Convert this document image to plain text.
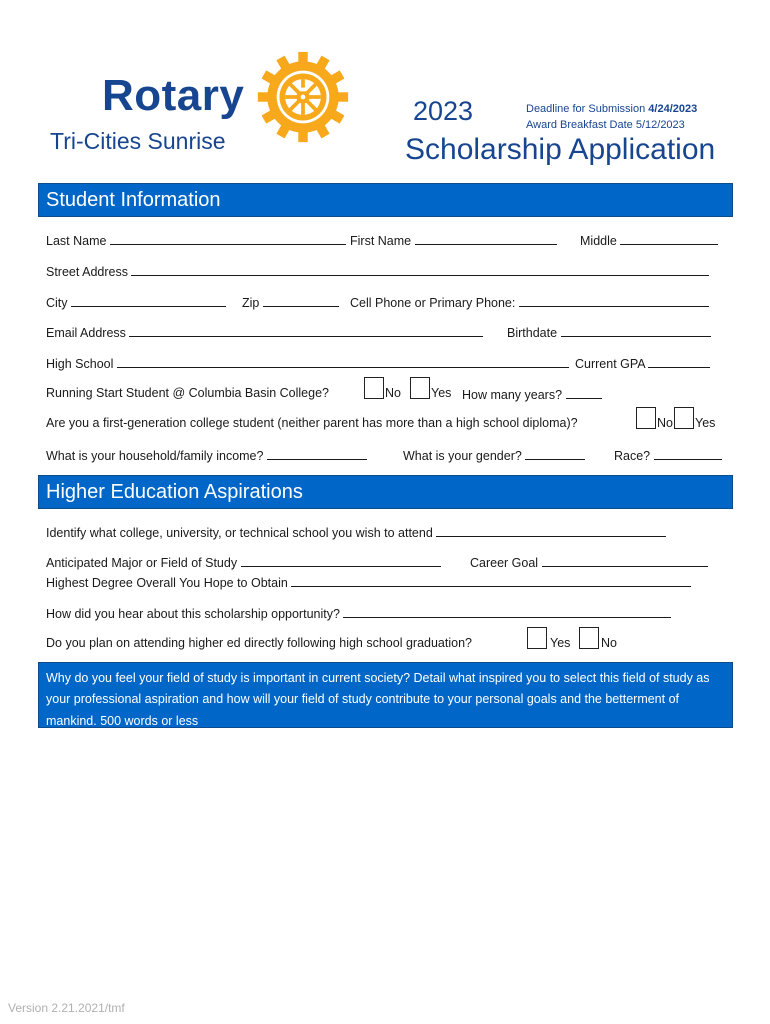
Rotary
Tri-Cities Sunrise
2023	Deadline for Submission 4/24/2023
Award Breakfast Date 5/12/2023
Scholarship Application
Student Information
Last Name	First Name	Middle
Street Address
City	Zip	Cell Phone or Primary Phone:
Email Address	Birthdate
High School	Current GPA
Running Start Student @ Columbia Basin College?	No Yes How many years?
Are you a first-generation college student (neither parent has more than a high school diploma)?	No Yes
What is your household/family income?	What is your gender?	Race?
Higher Education Aspirations
Identify what college, university, or technical school you wish to attend
Anticipated Major or Field of Study	Career Goal
Highest Degree Overall You Hope to Obtain
How did you hear about this scholarship opportunity?
Do you plan on attending higher ed directly following high school graduation?	Yes No
Why do you feel your field of study is important in current society? Detail what inspired you to select this field of study as your professional aspiration and how will your field of study contribute to your personal goals and the betterment of mankind. 500 words or less
Version 2.21.2021/tmf
